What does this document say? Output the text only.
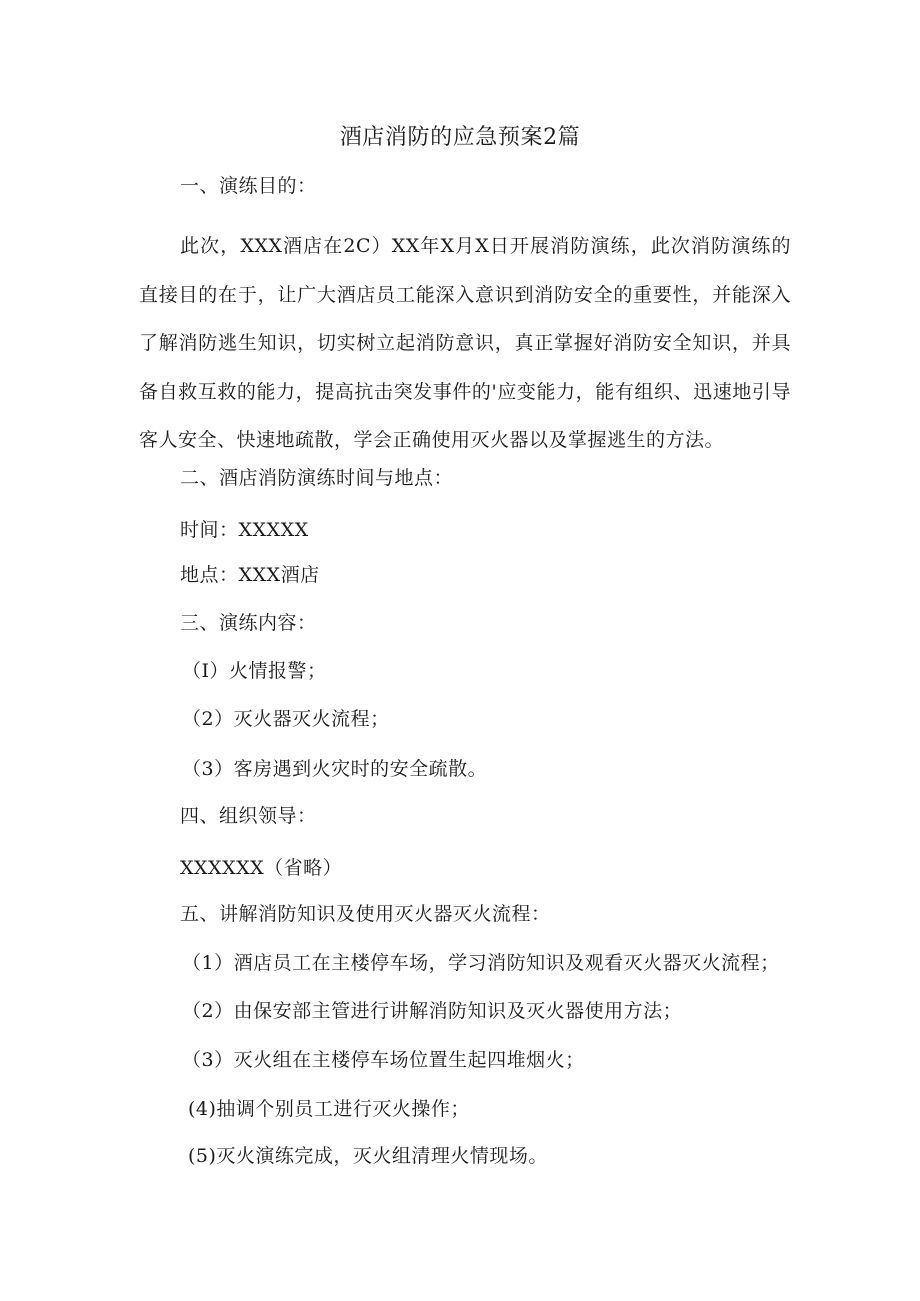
酒店消防的应急预案2篇
一、演练目的：
此次，XXX酒店在2C）XX年X月X日开展消防演练，此次消防演练的直接目的在于，让广大酒店员工能深入意识到消防安全的重要性，并能深入了解消防逃生知识，切实树立起消防意识，真正掌握好消防安全知识，并具备自救互救的能力，提高抗击突发事件的'应变能力，能有组织、迅速地引导客人安全、快速地疏散，学会正确使用灭火器以及掌握逃生的方法。
二、酒店消防演练时间与地点：
时间：XXXXX
地点：XXX酒店
三、演练内容：
（I）火情报警；
（2）灭火器灭火流程；
（3）客房遇到火灾时的安全疏散。
四、组织领导：
XXXXXX（省略）
五、讲解消防知识及使用灭火器灭火流程：
（1）酒店员工在主楼停车场，学习消防知识及观看灭火器灭火流程；
（2）由保安部主管进行讲解消防知识及灭火器使用方法；
（3）灭火组在主楼停车场位置生起四堆烟火；
(4)抽调个别员工进行灭火操作；
(5)灭火演练完成，灭火组清理火情现场。
